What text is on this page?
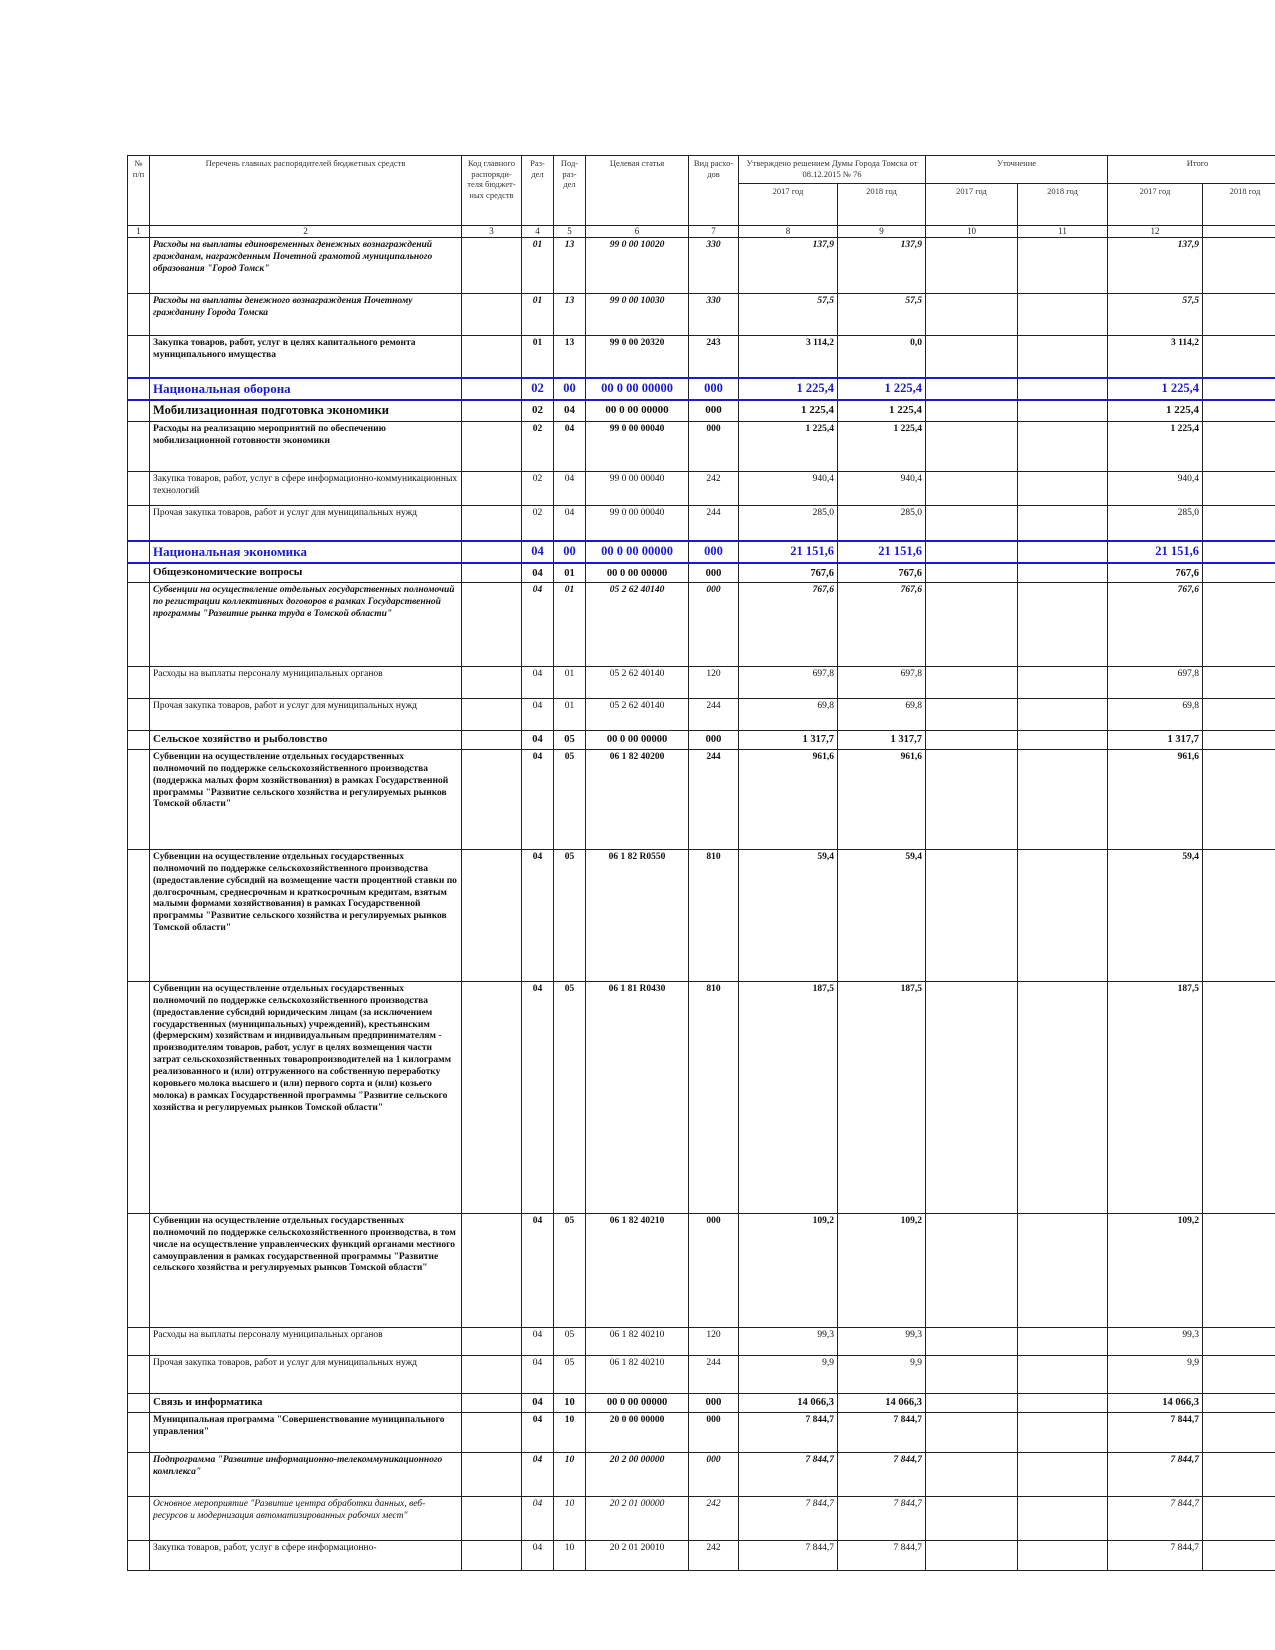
№ п/п	Перечень главных распорядителей бюджетных средств	Код главного распоряди-теля бюджет-ных средств	Раз-дел	Под-раз-дел	Целевая статья	Вид расхо-дов	Утверждено решением Думы Города Томска от 08.12.2015 № 76		Уточнение		Итого	
							2017 год	2018 год	2017 год	2018 год	2017 год	2018 год
1	2	3	4	5	6	7	8	9	10	11	12	
	Расходы на выплаты единовременных денежных вознаграждений гражданам, награжденным Почетной грамотой муниципального образования "Город Томск"		01	13	99 0 00 10020	330	137,9	137,9			137,9	
	Расходы на выплаты денежного вознаграждения Почетному гражданину Города Томска		01	13	99 0 00 10030	330	57,5	57,5			57,5	
	Закупка товаров, работ, услуг в целях капитального ремонта муниципального имущества		01	13	99 0 00 20320	243	3 114,2	0,0			3 114,2	
	Национальная оборона		02	00	00 0 00 00000	000	1 225,4	1 225,4			1 225,4	
	Мобилизационная подготовка экономики		02	04	00 0 00 00000	000	1 225,4	1 225,4			1 225,4	
	Расходы на реализацию мероприятий по обеспечению мобилизационной готовности экономики		02	04	99 0 00 00040	000	1 225,4	1 225,4			1 225,4	
	Закупка товаров, работ, услуг в сфере информационно-коммуникационных технологий		02	04	99 0 00 00040	242	940,4	940,4			940,4	
	Прочая закупка товаров, работ и услуг для муниципальных нужд		02	04	99 0 00 00040	244	285,0	285,0			285,0	
	Национальная экономика		04	00	00 0 00 00000	000	21 151,6	21 151,6			21 151,6	
	Общеэкономические вопросы		04	01	00 0 00 00000	000	767,6	767,6			767,6	
	Субвенции на осуществление отдельных государственных полномочий по регистрации коллективных договоров в рамках Государственной программы "Развитие рынка труда в Томской области"		04	01	05 2 62 40140	000	767,6	767,6			767,6	
	Расходы на выплаты персоналу муниципальных органов		04	01	05 2 62 40140	120	697,8	697,8			697,8	
	Прочая закупка товаров, работ и услуг для муниципальных нужд		04	01	05 2 62 40140	244	69,8	69,8			69,8	
	Сельское хозяйство и рыболовство		04	05	00 0 00 00000	000	1 317,7	1 317,7			1 317,7	
	Субвенции на осуществление отдельных государственных полномочий по поддержке сельскохозяйственного производства (поддержка малых форм хозяйствования) в рамках Государственной программы "Развитие сельского хозяйства и регулируемых рынков Томской области"		04	05	06 1 82 40200	244	961,6	961,6			961,6	
	Субвенции на осуществление отдельных государственных полномочий по поддержке сельскохозяйственного производства (предоставление субсидий на возмещение части процентной ставки по долгосрочным, среднесрочным и краткосрочным кредитам, взятым малыми формами хозяйствования) в рамках Государственной программы "Развитие сельского хозяйства и регулируемых рынков Томской области"		04	05	06 1 82 R0550	810	59,4	59,4			59,4	
	Субвенции на осуществление отдельных государственных полномочий по поддержке сельскохозяйственного производства (предоставление субсидий юридическим лицам (за исключением государственных (муниципальных) учреждений), крестьянским (фермерским) хозяйствам и индивидуальным предпринимателям - производителям товаров, работ, услуг в целях возмещения части затрат сельскохозяйственных товаропроизводителей на 1 килограмм реализованного и (или) отгруженного на собственную переработку коровьего молока высшего и (или) первого сорта и (или) козьего молока) в рамках Государственной программы "Развитие сельского хозяйства и регулируемых рынков Томской области"		04	05	06 1 81 R0430	810	187,5	187,5			187,5	
	Субвенции на осуществление отдельных государственных полномочий по поддержке сельскохозяйственного производства, в том числе на осуществление управленческих функций органами местного самоуправления в рамках государственной программы "Развитие сельского хозяйства и регулируемых рынков Томской области"		04	05	06 1 82 40210	000	109,2	109,2			109,2	
	Расходы на выплаты персоналу муниципальных органов		04	05	06 1 82 40210	120	99,3	99,3			99,3	
	Прочая закупка товаров, работ и услуг для муниципальных нужд		04	05	06 1 82 40210	244	9,9	9,9			9,9	
	Связь и информатика		04	10	00 0 00 00000	000	14 066,3	14 066,3			14 066,3	
	Муниципальная программа "Совершенствование муниципального управления"		04	10	20 0 00 00000	000	7 844,7	7 844,7			7 844,7	
	Подпрограмма "Развитие информационно-телекоммуникационного комплекса"		04	10	20 2 00 00000	000	7 844,7	7 844,7			7 844,7	
	Основное мероприятие "Развитие центра обработки данных, веб-ресурсов и модернизация автоматизированных рабочих мест"		04	10	20 2 01 00000	242	7 844,7	7 844,7			7 844,7	
	Закупка товаров, работ, услуг в сфере информационно-		04	10	20 2 01 20010	242	7 844,7	7 844,7			7 844,7	
